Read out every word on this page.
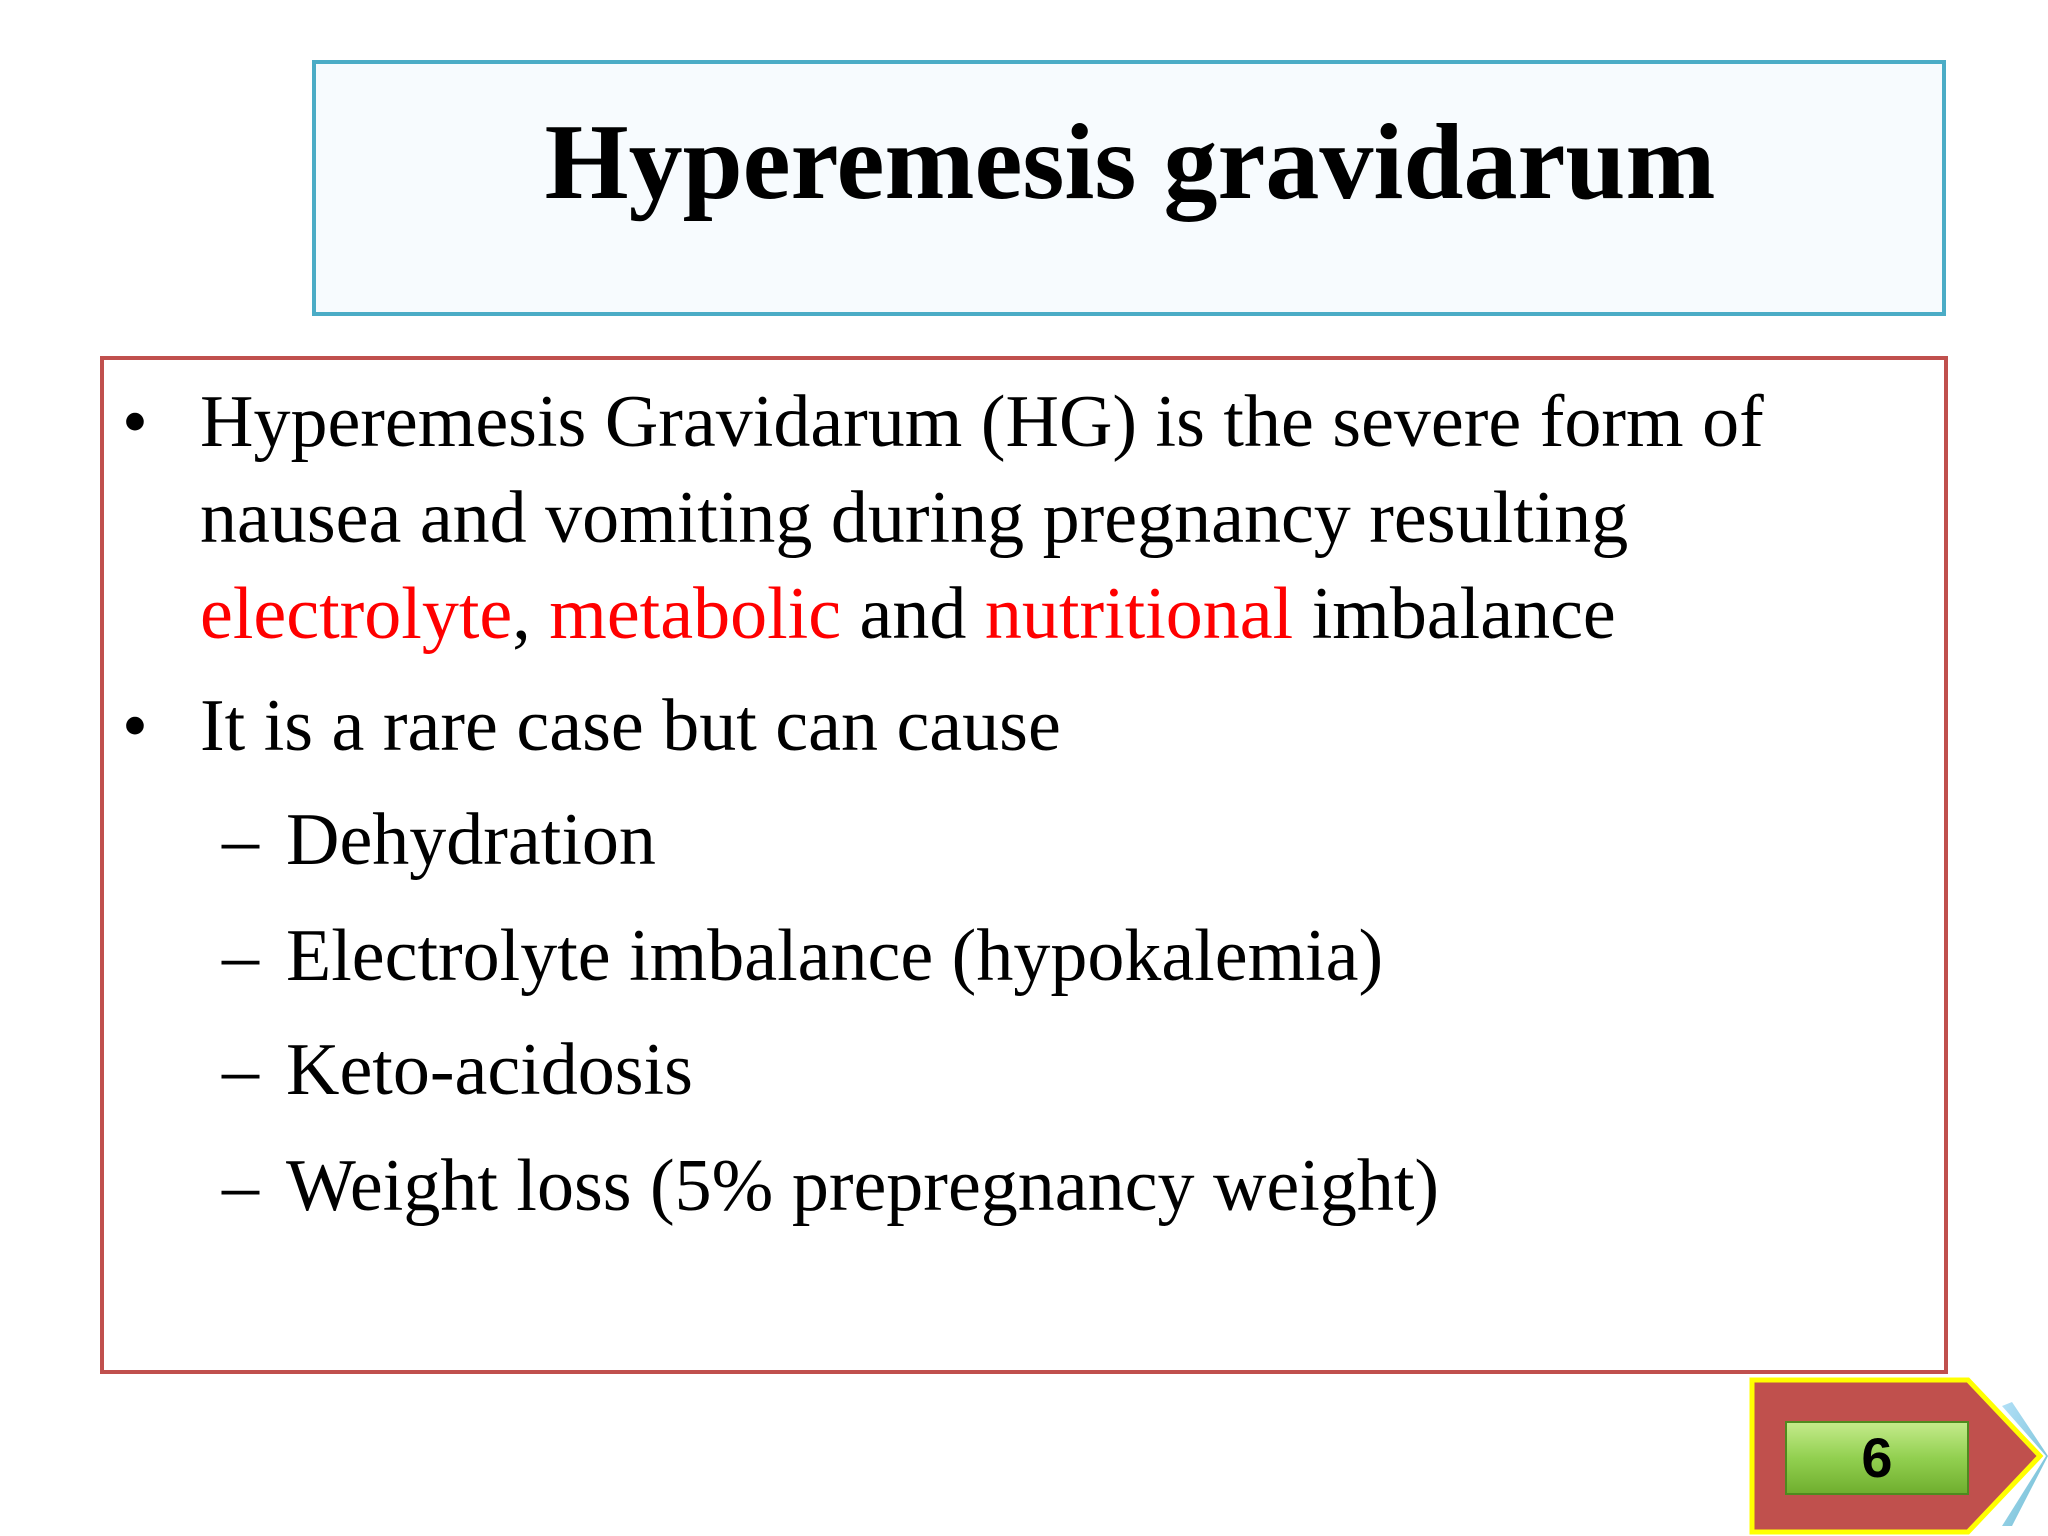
Hyperemesis gravidarum
• Hyperemesis Gravidarum (HG) is the severe form of
nausea and vomiting during pregnancy resulting
electrolyte, metabolic and nutritional imbalance
• It is a rare case but can cause
– Dehydration
– Electrolyte imbalance (hypokalemia)
– Keto-acidosis
– Weight loss (5% prepregnancy weight)
6
